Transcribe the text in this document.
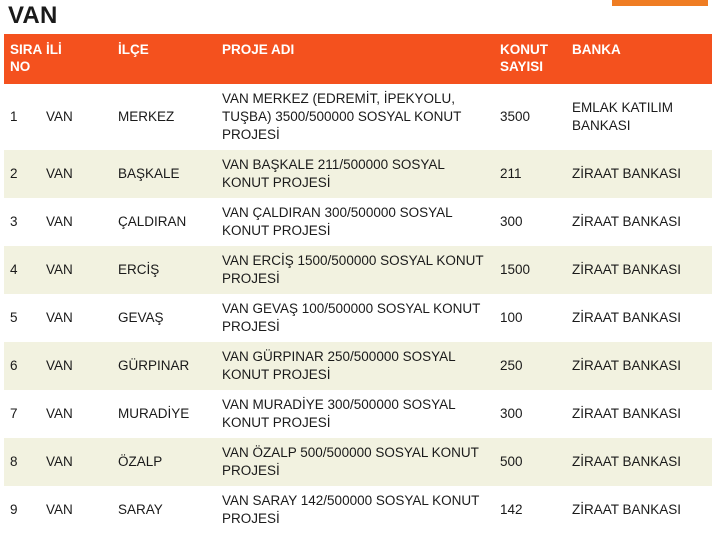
VAN
SIRA NO	İLİ	İLÇE	PROJE ADI	KONUT SAYISI	BANKA
1	VAN	MERKEZ	VAN MERKEZ (EDREMİT, İPEKYOLU, TUŞBA) 3500/500000 SOSYAL KONUT PROJESİ	3500	EMLAK KATILIM BANKASI
2	VAN	BAŞKALE	VAN BAŞKALE 211/500000 SOSYAL KONUT PROJESİ	211	ZİRAAT BANKASI
3	VAN	ÇALDIRAN	VAN ÇALDIRAN 300/500000 SOSYAL KONUT PROJESİ	300	ZİRAAT BANKASI
4	VAN	ERCİŞ	VAN ERCİŞ 1500/500000 SOSYAL KONUT PROJESİ	1500	ZİRAAT BANKASI
5	VAN	GEVAŞ	VAN GEVAŞ 100/500000 SOSYAL KONUT PROJESİ	100	ZİRAAT BANKASI
6	VAN	GÜRPINAR	VAN GÜRPINAR 250/500000 SOSYAL KONUT PROJESİ	250	ZİRAAT BANKASI
7	VAN	MURADİYE	VAN MURADİYE 300/500000 SOSYAL KONUT PROJESİ	300	ZİRAAT BANKASI
8	VAN	ÖZALP	VAN ÖZALP 500/500000 SOSYAL KONUT PROJESİ	500	ZİRAAT BANKASI
9	VAN	SARAY	VAN SARAY 142/500000 SOSYAL KONUT PROJESİ	142	ZİRAAT BANKASI
